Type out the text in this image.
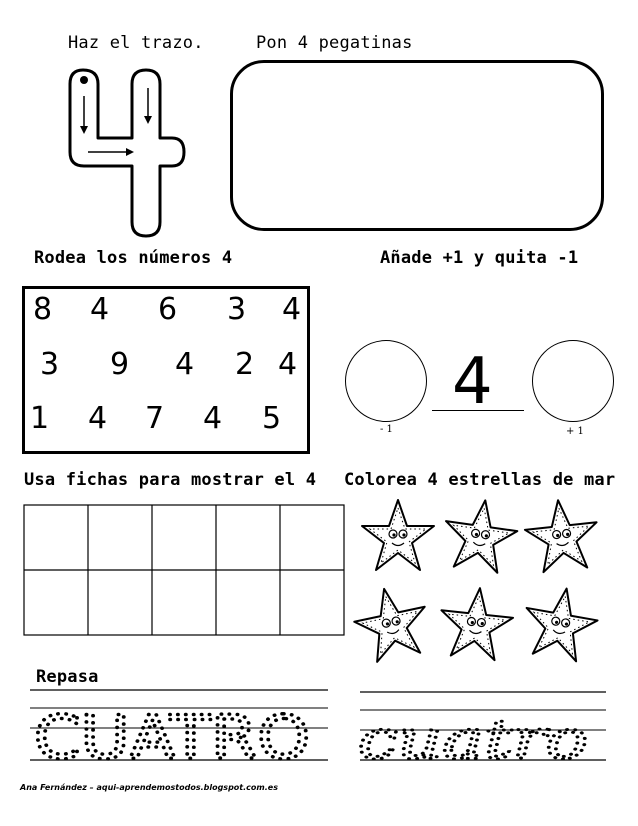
Haz el trazo.	Pon 4 pegatinas
Rodea los números 4
8 4 6 3 4
3 9 4 2 4
1 4 7 4 5
Añade +1 y quita -1
4
- 1	+ 1
Usa fichas para mostrar el 4 Colorea 4 estrellas de mar
Repasa
CUATRO cuatro
Ana Fernández – aqui-aprendemostodos.blogspot.com.es
